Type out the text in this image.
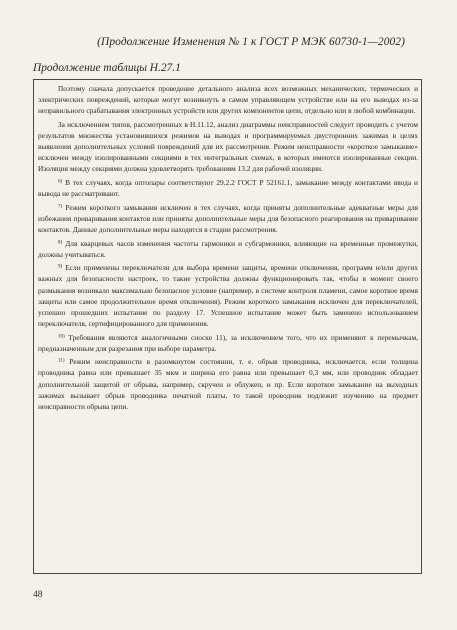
(Продолжение Изменения № 1 к ГОСТ Р МЭК 60730-1—2002)
Продолжение таблицы Н.27.1

Поэтому сначала допускается проведение детального анализа всех возможных механических, термических и электрических повреждений, которые могут возникнуть в самом управляющем устройстве или на его выводах из-за неправильного срабатывания электронных устройств или других компонентов цепи, отдельно или в любой комбинации.

За исключением типов, рассмотренных в Н.11.12, анализ диаграммы неисправностей следует проводить с учетом результатов множества установившихся режимов на выводах и программируемых двусторонних зажимах в целях выявления дополнительных условий повреждений для их рассмотрения. Режим неисправности «короткое замыкание» исключен между изолированными секциями в тех интегральных схемах, в которых имеются изолированные секции. Изоляция между секциями должна удовлетворять требованиям 13.2 для рабочей изоляции.

$^{6)}$ В тех случаях, когда оптопары соответствуют 29.2.2 ГОСТ Р 52161.1, замыкание между контактами ввода и вывода не рассматривают.

$^{7)}$ Режим короткого замыкания исключен в тех случаях, когда приняты дополнительные адекватные меры для избежания приваривания контактов или приняты дополнительные меры для безопасного реагирования на приваривание контактов. Данные дополнительные меры находятся в стадии рассмотрения.

$^{8)}$ Для кварцевых часов изменения частоты гармоники и субгармоники, влияющие на временные промежутки, должны учитываться.

$^{9)}$ Если применены переключатели для выбора времени защиты, времени отключения, программ и/или других важных для безопасности настроек, то такие устройства должны функционировать так, чтобы в момент своего размыкания возникало максимально безопасное условие (например, в системе контроля пламени, самое короткое время защиты или самое продолжительное время отключения). Режим короткого замыкания исключен для переключателей, успешно прошедших испытание по разделу 17. Успешное испытание может быть заменено использованием переключателя, сертифицированного для применения.

$^{10)}$ Требования являются аналогичными сноске 11), за исключением того, что их применяют к перемычкам, предназначенным для разрезания при выборе параметра.

$^{11)}$ Режим неисправности в разомкнутом состоянии, т. е. обрыв проводника, исключается, если толщина проводника равна или превышает 35 мкм и ширина его равна или превышает 0,3 мм, или проводник обладает дополнительной защитой от обрыва, например, скручен и облужен, и пр. Если короткое замыкание на выходных зажимах вызывает обрыв проводника печатной платы, то такой проводник подлежит изучению на предмет неисправности обрыва цепи.

48
